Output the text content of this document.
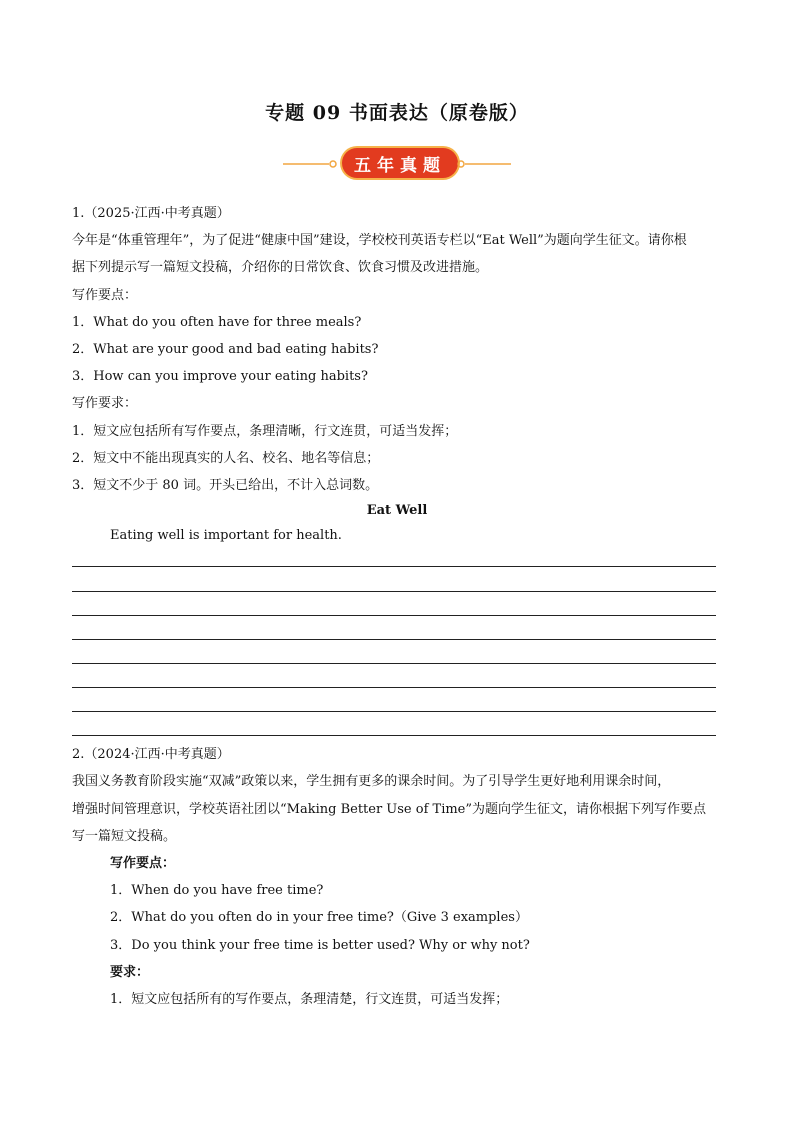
专题 09 书面表达（原卷版）
五年真题
1.（2025·江西·中考真题）
今年是“体重管理年”，为了促进“健康中国”建设，学校校刊英语专栏以“Eat Well”为题向学生征文。请你根
据下列提示写一篇短文投稿，介绍你的日常饮食、饮食习惯及改进措施。
写作要点：
1．What do you often have for three meals?
2．What are your good and bad eating habits?
3．How can you improve your eating habits?
写作要求：
1．短文应包括所有写作要点，条理清晰，行文连贯，可适当发挥；
2．短文中不能出现真实的人名、校名、地名等信息；
3．短文不少于 80 词。开头已给出，不计入总词数。
Eat Well
Eating well is important for health.
2.（2024·江西·中考真题）
我国义务教育阶段实施“双减”政策以来，学生拥有更多的课余时间。为了引导学生更好地利用课余时间，
增强时间管理意识，学校英语社团以“Making Better Use of Time”为题向学生征文，请你根据下列写作要点
写一篇短文投稿。
写作要点：
1．When do you have free time?
2．What do you often do in your free time?（Give 3 examples）
3．Do you think your free time is better used? Why or why not?
要求：
1．短文应包括所有的写作要点，条理清楚，行文连贯，可适当发挥；
